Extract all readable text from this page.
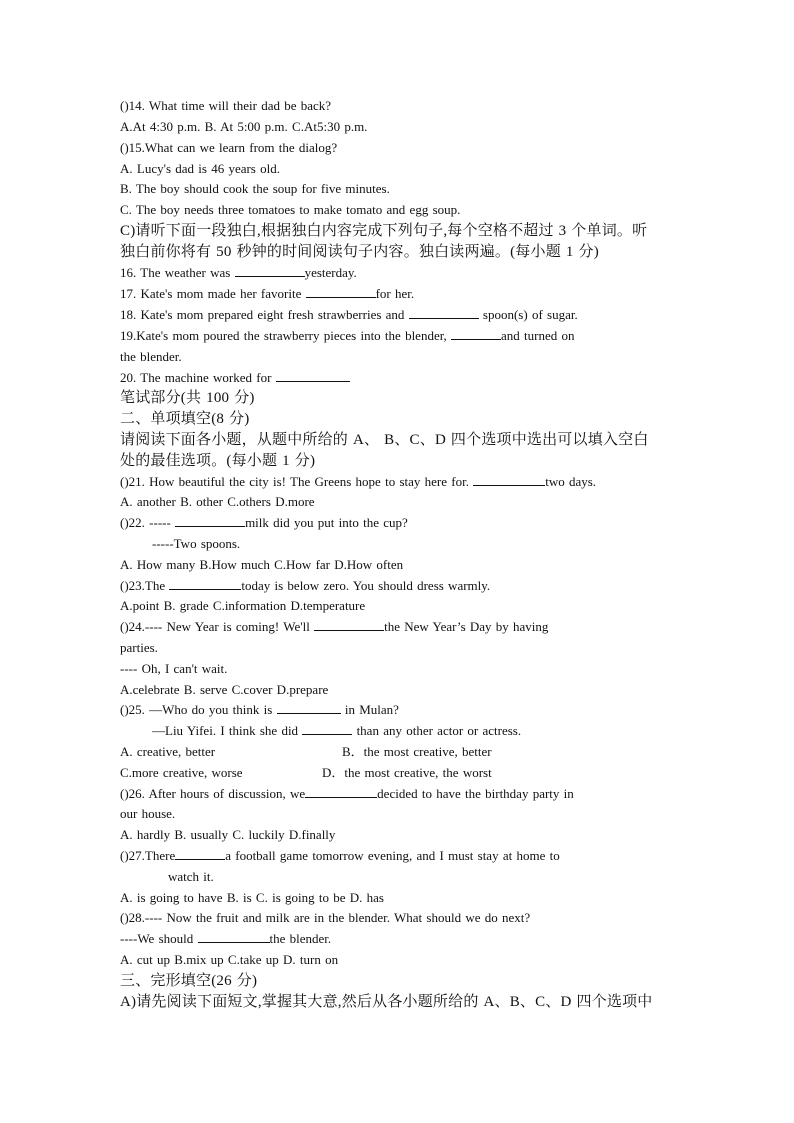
()14. What time will their dad be back?
A.At 4:30 p.m. B. At 5:00 p.m. C.At5:30 p.m.
()15.What can we learn from the dialog?
A. Lucy's dad is 46 years old.
B. The boy should cook the soup for five minutes.
C. The boy needs three tomatoes to make tomato and egg soup.
C)请听下面一段独白,根据独白内容完成下列句子,每个空格不超过 3 个单词。听
独白前你将有 50 秒钟的时间阅读句子内容。独白读两遍。(每小题 1 分)
16. The weather was	yesterday.
17. Kate's mom made her favorite	for her.
18. Kate's mom prepared eight fresh strawberries and	spoon(s) of sugar.
19.Kate's mom poured the strawberry pieces into the blender,	and turned on
the blender.
20. The machine worked for
笔试部分(共 100 分)
二、单项填空(8 分)
请阅读下面各小题，从题中所给的 A、 B、C、D 四个选项中选出可以填入空白
处的最佳选项。(每小题 1 分)
()21. How beautiful the city is! The Greens hope to stay here for.	two days.
A. another B. other C.others D.more
()22. -----	milk did you put into the cup?
-----Two spoons.
A. How many B.How much C.How far D.How often
()23.The	today is below zero. You should dress warmly.
A.point B. grade C.information D.temperature
()24.---- New Year is coming! We'll	the New Year’s Day by having
parties.
---- Oh, I can't wait.
A.celebrate B. serve C.cover D.prepare
()25. —Who do you think is	in Mulan?
—Liu Yifei. I think she did	than any other actor or actress.
A. creative, better	B．the most creative, better
C.more creative, worse	D．the most creative, the worst
()26. After hours of discussion, we	decided to have the birthday party in
our house.
A. hardly B. usually C. luckily D.finally
()27.There	a football game tomorrow evening, and I must stay at home to
watch it.
A. is going to have B. is C. is going to be D. has
()28.---- Now the fruit and milk are in the blender. What should we do next?
----We should	the blender.
A. cut up B.mix up C.take up D. turn on
三、完形填空(26 分)
A)请先阅读下面短文,掌握其大意,然后从各小题所给的 A、B、C、D 四个选项中
